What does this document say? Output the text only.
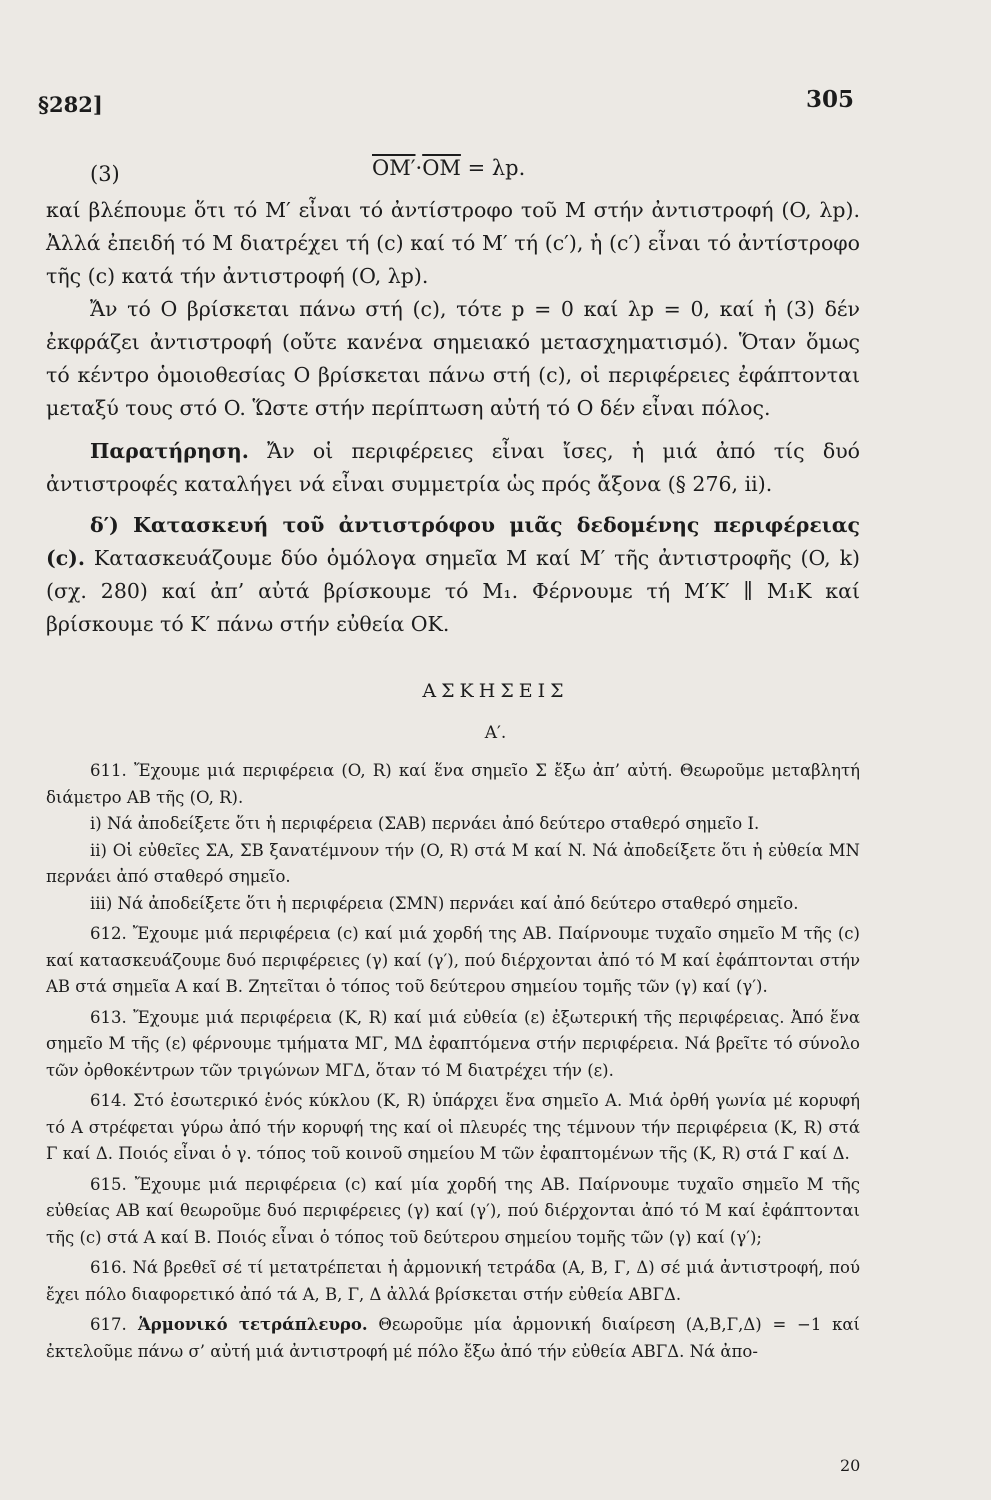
§282]	305
(3)	$OM'\cdot\overline{OM} = \lambda p$.

καί βλέπουμε ὅτι τό M′ εἶναι τό ἀντίστροφο τοῦ M στήν ἀντιστροφή (O, λp). Ἀλλά ἐπειδή τό M διατρέχει τή (c) καί τό M′ τή (c′), ἡ (c′) εἶναι τό ἀντίστροφο τῆς (c) κατά τήν ἀντιστροφή (O, λp).

Ἄν τό O βρίσκεται πάνω στή (c), τότε p = 0 καί λp = 0, καί ἡ (3) δέν ἐκφράζει ἀντιστροφή (οὔτε κανένα σημειακό μετασχηματισμό). Ὅταν ὅμως τό κέντρο ὁμοιοθεσίας O βρίσκεται πάνω στή (c), οἱ περιφέρειες ἐφάπτονται μεταξύ τους στό O. Ὥστε στήν περίπτωση αὐτή τό O δέν εἶναι πόλος.

Παρατήρηση. Ἄν οἱ περιφέρειες εἶναι ἴσες, ἡ μιά ἀπό τίς δυό ἀντιστροφές καταλήγει νά εἶναι συμμετρία ὡς πρός ἄξονα (§ 276, ii).

δ′) Κατασκευή τοῦ ἀντιστρόφου μιᾶς δεδομένης περιφέρειας (c). Κατασκευάζουμε δύο ὁμόλογα σημεῖα M καί M′ τῆς ἀντιστροφῆς (O, k) (σχ. 280) καί ἀπ’ αὐτά βρίσκουμε τό M₁. Φέρνουμε τή M′K′ ∥ M₁K καί βρίσκουμε τό K′ πάνω στήν εὐθεία OK.

ΑΣΚΗΣΕΙΣ
Α′.

611. Ἔχουμε μιά περιφέρεια (O, R) καί ἕνα σημεῖο Σ ἔξω ἀπ’ αὐτή. Θεωροῦμε μεταβλητή διάμετρο AB τῆς (O, R).

i) Νά ἀποδείξετε ὅτι ἡ περιφέρεια (ΣAB) περνάει ἀπό δεύτερο σταθερό σημεῖο I.

ii) Οἱ εὐθεῖες ΣA, ΣB ξανατέμνουν τήν (O, R) στά M καί N. Νά ἀποδείξετε ὅτι ἡ εὐθεία MN περνάει ἀπό σταθερό σημεῖο.

iii) Νά ἀποδείξετε ὅτι ἡ περιφέρεια (ΣMN) περνάει καί ἀπό δεύτερο σταθερό σημεῖο.

612. Ἔχουμε μιά περιφέρεια (c) καί μιά χορδή της AB. Παίρνουμε τυχαῖο σημεῖο M τῆς (c) καί κατασκευάζουμε δυό περιφέρειες (γ) καί (γ′), πού διέρχονται ἀπό τό M καί ἐφάπτονται στήν AB στά σημεῖα A καί B. Ζητεῖται ὁ τόπος τοῦ δεύτερου σημείου τομῆς τῶν (γ) καί (γ′).

613. Ἔχουμε μιά περιφέρεια (K, R) καί μιά εὐθεία (ε) ἐξωτερική τῆς περιφέρειας. Ἀπό ἕνα σημεῖο M τῆς (ε) φέρνουμε τμήματα MΓ, MΔ ἐφαπτόμενα στήν περιφέρεια. Νά βρεῖτε τό σύνολο τῶν ὀρθοκέντρων τῶν τριγώνων MΓΔ, ὅταν τό M διατρέχει τήν (ε).

614. Στό ἐσωτερικό ἑνός κύκλου (K, R) ὑπάρχει ἕνα σημεῖο A. Μιά ὀρθή γωνία μέ κορυφή τό A στρέφεται γύρω ἀπό τήν κορυφή της καί οἱ πλευρές της τέμνουν τήν περιφέρεια (K, R) στά Γ καί Δ. Ποιός εἶναι ὁ γ. τόπος τοῦ κοινοῦ σημείου M τῶν ἐφαπτομένων τῆς (K, R) στά Γ καί Δ.

615. Ἔχουμε μιά περιφέρεια (c) καί μία χορδή της AB. Παίρνουμε τυχαῖο σημεῖο M τῆς εὐθείας AB καί θεωροῦμε δυό περιφέρειες (γ) καί (γ′), πού διέρχονται ἀπό τό M καί ἐφάπτονται τῆς (c) στά A καί B. Ποιός εἶναι ὁ τόπος τοῦ δεύτερου σημείου τομῆς τῶν (γ) καί (γ′);

616. Νά βρεθεῖ σέ τί μετατρέπεται ἡ ἁρμονική τετράδα (A, B, Γ, Δ) σέ μιά ἀντιστροφή, πού ἔχει πόλο διαφορετικό ἀπό τά A, B, Γ, Δ ἀλλά βρίσκεται στήν εὐθεία ABΓΔ.

617. Ἁρμονικό τετράπλευρο. Θεωροῦμε μία ἁρμονική διαίρεση (A,B,Γ,Δ) = −1 καί ἐκτελοῦμε πάνω σ’ αὐτή μιά ἀντιστροφή μέ πόλο ἔξω ἀπό τήν εὐθεία ABΓΔ. Νά ἀπο-

20
